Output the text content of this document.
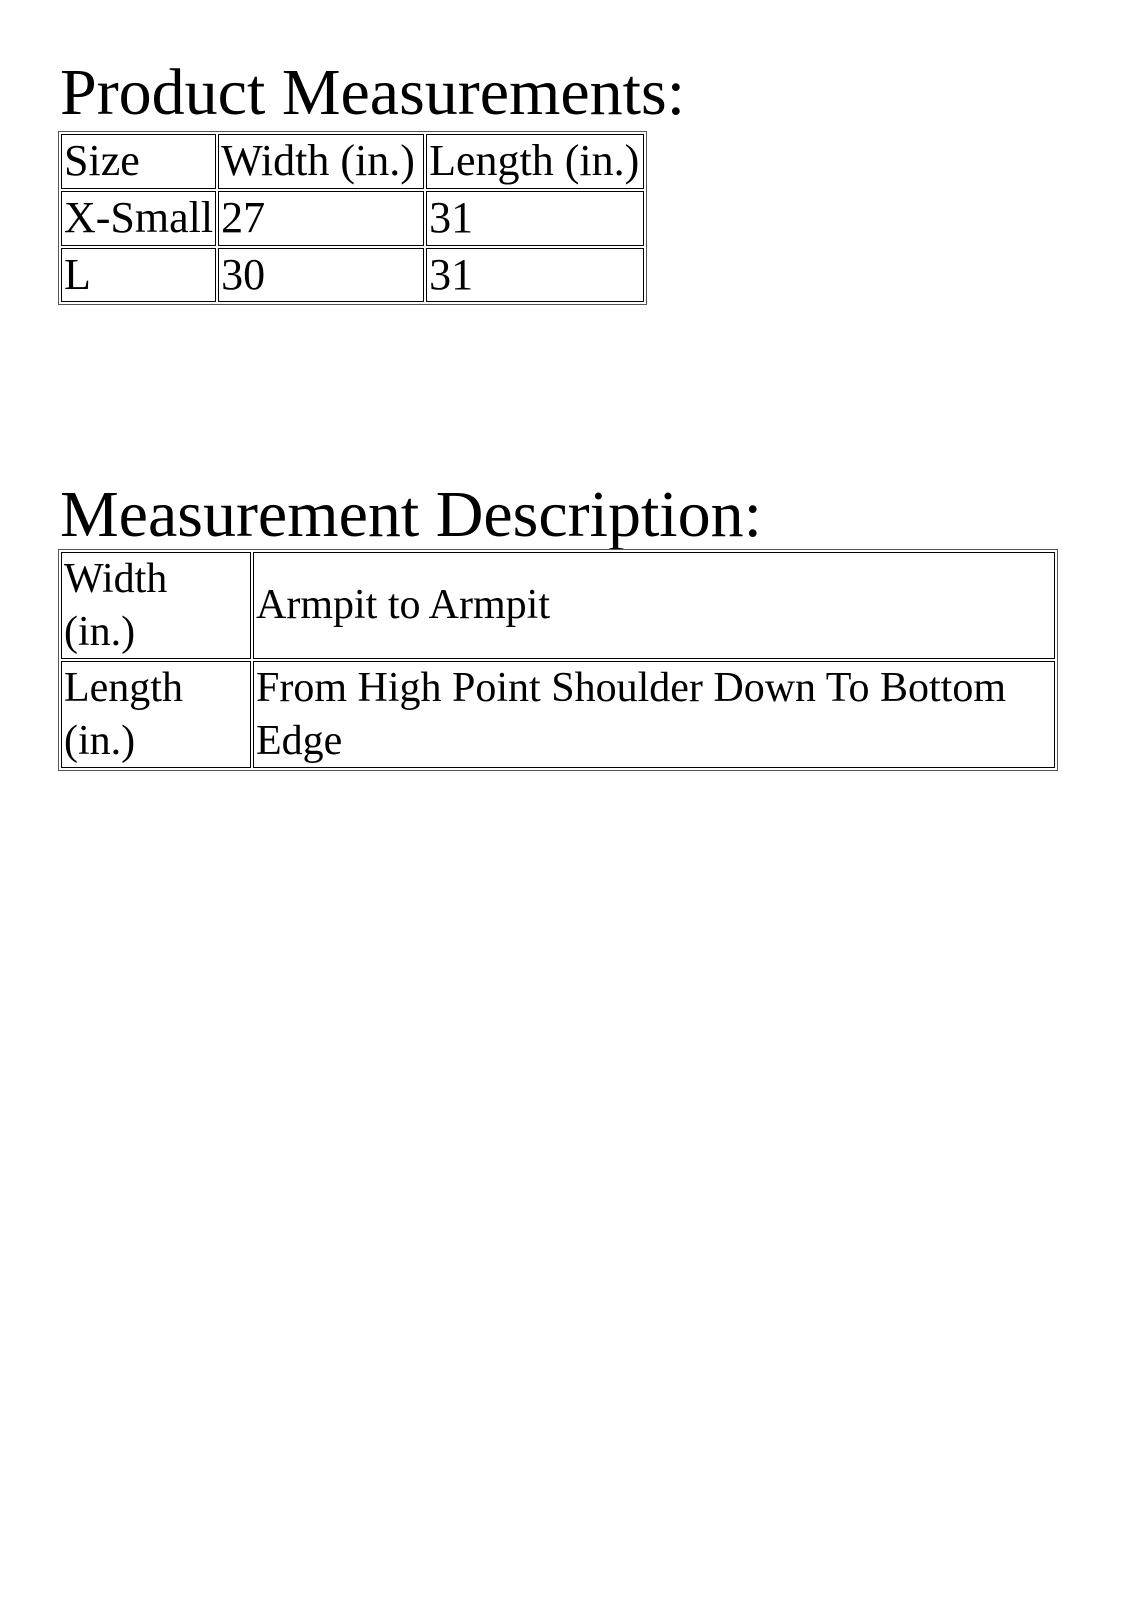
Product Measurements:
Size	Width (in.)	Length (in.)
X-Small	27	31
L	30	31
Measurement Description:
Width (in.)	Armpit to Armpit
Length (in.)	From High Point Shoulder Down To Bottom Edge
